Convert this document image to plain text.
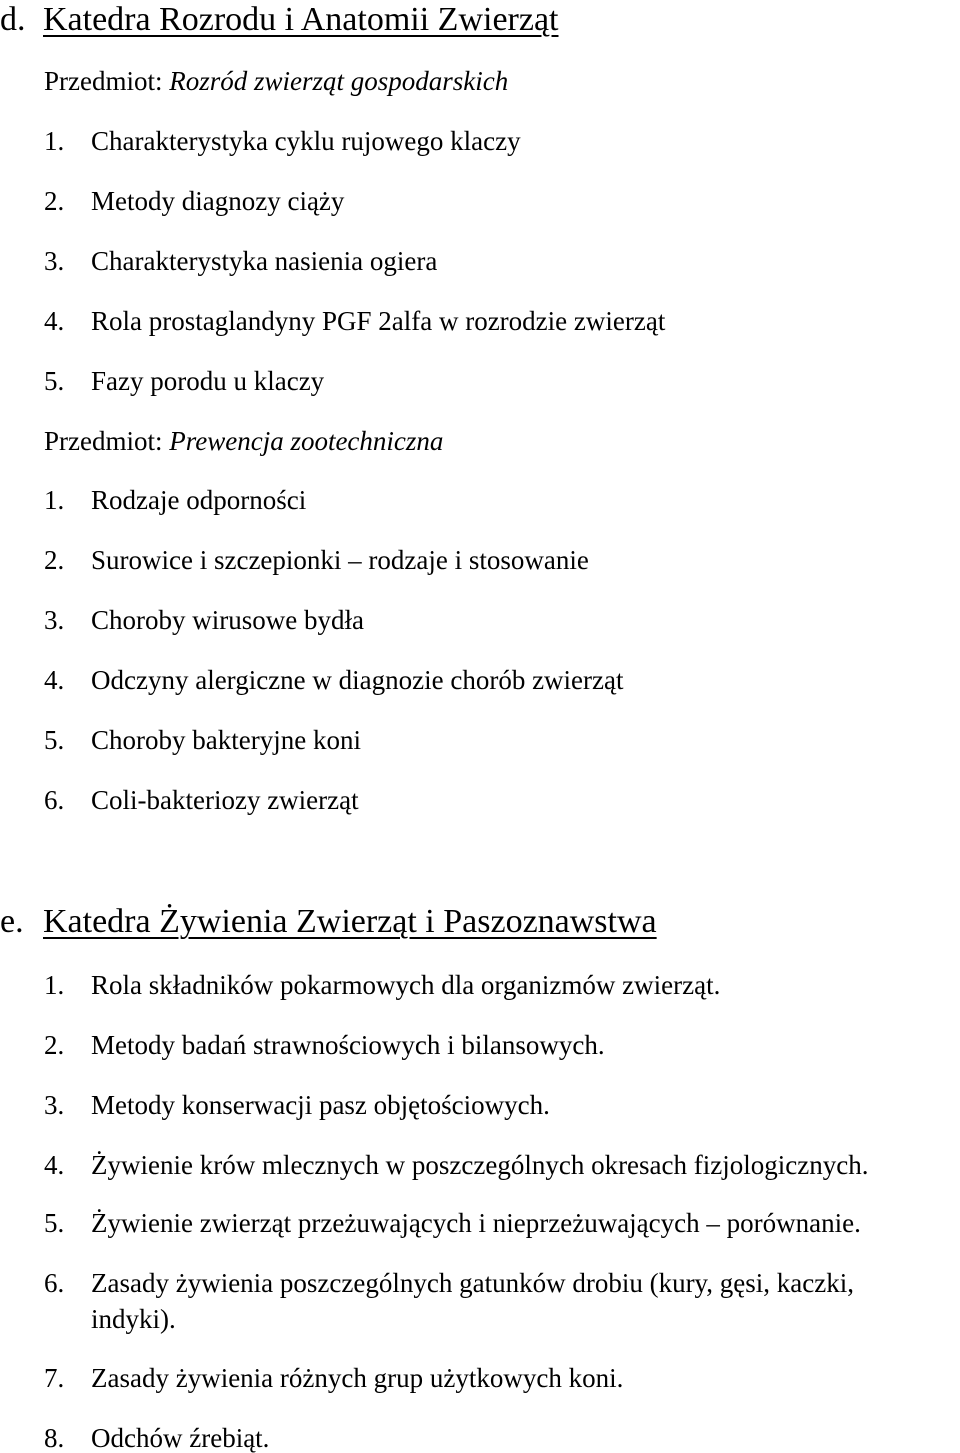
d. Katedra Rozrodu i Anatomii Zwierząt
Przedmiot: Rozród zwierząt gospodarskich
1. Charakterystyka cyklu rujowego klaczy
2. Metody diagnozy ciąży
3. Charakterystyka nasienia ogiera
4. Rola prostaglandyny PGF 2alfa w rozrodzie zwierząt
5. Fazy porodu u klaczy
Przedmiot: Prewencja zootechniczna
1. Rodzaje odporności
2. Surowice i szczepionki – rodzaje i stosowanie
3. Choroby wirusowe bydła
4. Odczyny alergiczne w diagnozie chorób zwierząt
5. Choroby bakteryjne koni
6. Coli-bakteriozy zwierząt
e. Katedra Żywienia Zwierząt i Paszoznawstwa
1. Rola składników pokarmowych dla organizmów zwierząt.
2. Metody badań strawnościowych i bilansowych.
3. Metody konserwacji pasz objętościowych.
4. Żywienie krów mlecznych w poszczególnych okresach fizjologicznych.
5. Żywienie zwierząt przeżuwających i nieprzeżuwających – porównanie.
6. Zasady żywienia poszczególnych gatunków drobiu (kury, gęsi, kaczki,
indyki).
7. Zasady żywienia różnych grup użytkowych koni.
8. Odchów źrebiąt.
